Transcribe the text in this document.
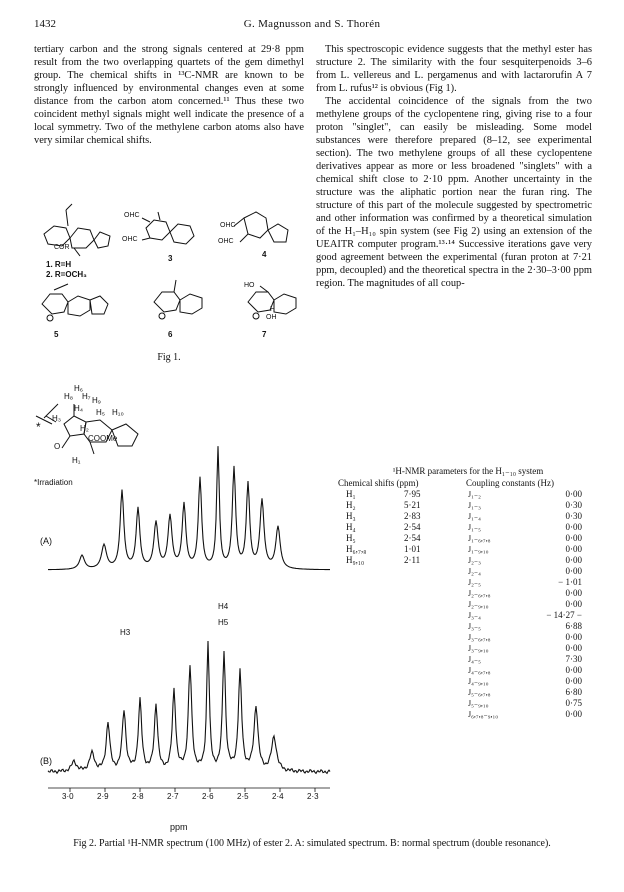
1432	G. Magnusson and S. Thorén

tertiary carbon and the strong signals centered at 29·8 ppm result from the two overlapping quartets of the gem dimethyl group. The chemical shifts in ¹³C-NMR are known to be strongly influenced by environmental changes even at some distance from the carbon atom concerned.¹¹ Thus these two coincident methyl signals might well indicate the presence of a local symmetry. Two of the methylene carbon atoms also have very similar chemical shifts.

This spectroscopic evidence suggests that the methyl ester has structure 2. The similarity with the four sesquiterpenoids 3–6 from L. vellereus and L. pergamenus and with lactarorufin A 7 from L. rufus¹² is obvious (Fig 1).

The accidental coincidence of the signals from the two methylene groups of the cyclopentene ring, giving rise to a four proton "singlet", can easily be misleading. Some model substances were therefore prepared (8–12, see experimental section). The two methylene groups of all these cyclopentene derivatives appear as more or less broadened "singlets" with a chemical shift close to 2·10 ppm. Another uncertainty in the structure was the aliphatic portion near the furan ring. The structure of this part of the molecule suggested by spectrometric and other information was confirmed by a theoretical simulation of the H₁–H₁₀ spin system (see Fig 2) using an extension of the UEAITR computer program.¹³·¹⁴ Successive iterations gave very good agreement between the experimental (furan proton at 7·21 ppm, decoupled) and the theoretical spectra in the 2·30–3·00 ppm region. The magnitudes of all coup-

COR
OHC
OHC
OHC
OHC
HO
H
OH
1. R=H
2. R=OCH₃
3	4
5	6	7
Fig 1.
H₆
H₈ H₇ H₉
H₄ H₅ H₁₀
H₃
H₂
COOMe
O
H₁
*
*Irradiation
(A)
(B)
H3
H4
H5
3·0	2·9	2·8	2·7	2·6	2·5	2·4	2·3
ppm
¹H-NMR parameters for the H₁₋₁₀ system
Chemical shifts (ppm)	Coupling constants (Hz)
H₁	7·95
H₂	5·21
H₃	2·83
H₄	2·54
H₅	2·54
H₆,₇,₈	1·01
H₉,₁₀	2·11
J₁₋₂	0·00
J₁₋₃	0·30
J₁₋₄	0·30
J₁₋₅	0·00
J₁₋₆,₇,₈	0·00
J₁₋₉,₁₀	0·00
J₂₋₃	0·00
J₂₋₄	0·00
J₂₋₅	− 1·01
J₂₋₆,₇,₈	0·00
J₂₋₉,₁₀	0·00
J₃₋₄	− 14·27 −
J₃₋₅	6·88
J₃₋₆,₇,₈	0·00
J₃₋₉,₁₀	0·00
J₄₋₅	7·30
J₄₋₆,₇,₈	0·00
J₄₋₉,₁₀	0·00
J₅₋₆,₇,₈	6·80
J₅₋₉,₁₀	0·75
J₆,₇,₈₋₉,₁₀	0·00
Fig 2. Partial ¹H-NMR spectrum (100 MHz) of ester 2. A: simulated spectrum. B: normal spectrum (double resonance).
